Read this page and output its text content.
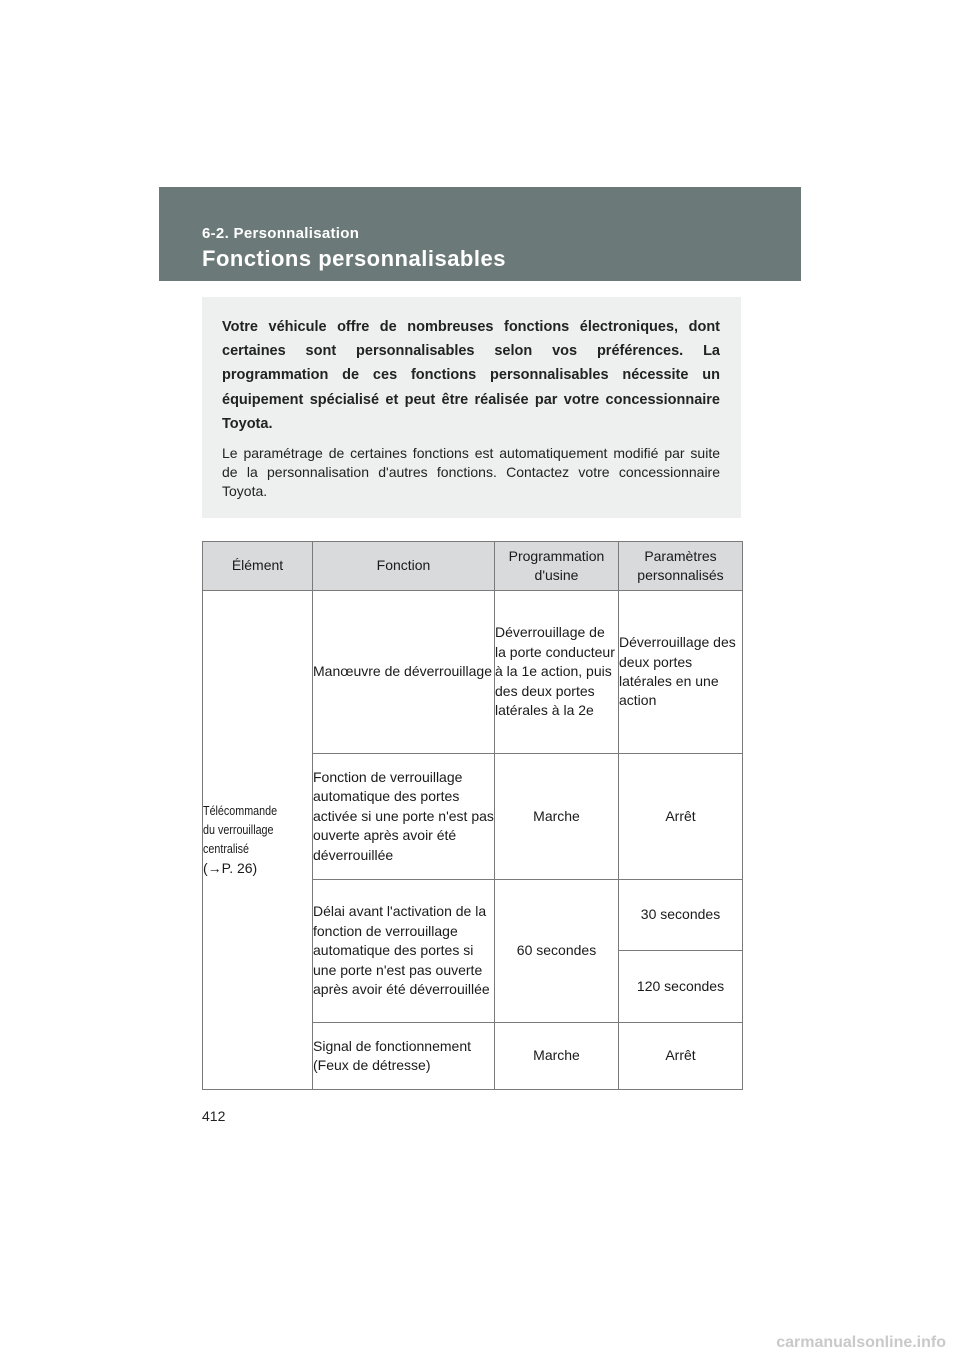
6-2. Personnalisation
Fonctions personnalisables

Votre véhicule offre de nombreuses fonctions électroniques, dont certaines sont personnalisables selon vos préférences. La programmation de ces fonctions personnalisables nécessite un équipement spécialisé et peut être réalisée par votre concessionnaire Toyota.

Le paramétrage de certaines fonctions est automatiquement modifié par suite de la personnalisation d'autres fonctions. Contactez votre concessionnaire Toyota.

Élément	Fonction	Programmation d'usine	Paramètres personnalisés

Télécommande
du verrouillage
centralisé
(→P. 26)	Manœuvre de déverrouillage	Déverrouillage de la porte conducteur à la 1e action, puis des deux portes latérales à la 2e	Déverrouillage des deux portes latérales en une action
	Fonction de verrouillage automatique des portes activée si une porte n'est pas ouverte après avoir été déverrouillée	Marche	Arrêt
	Délai avant l'activation de la fonction de verrouillage automatique des portes si une porte n'est pas ouverte après avoir été déverrouillée	60 secondes	30 secondes
			120 secondes
	Signal de fonctionnement (Feux de détresse)	Marche	Arrêt
412
carmanualsonline.info
